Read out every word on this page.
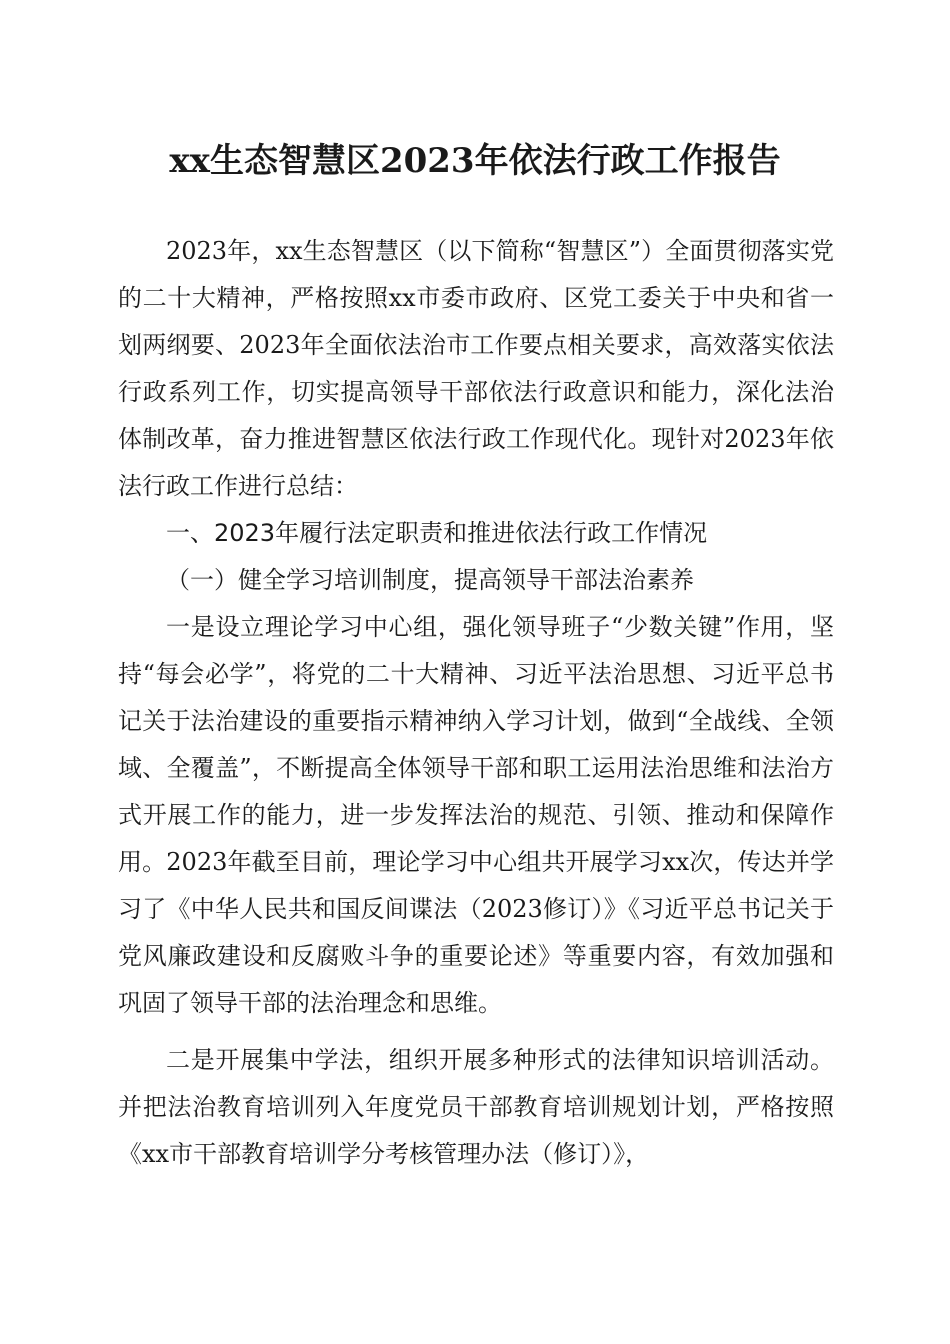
xx生态智慧区2023年依法行政工作报告

2023年，xx生态智慧区（以下简称“智慧区”）全面贯彻落实党的二十大精神，严格按照xx市委市政府、区党工委关于中央和省一划两纲要、2023年全面依法治市工作要点相关要求，高效落实依法行政系列工作，切实提高领导干部依法行政意识和能力，深化法治体制改革，奋力推进智慧区依法行政工作现代化。现针对2023年依法行政工作进行总结：

一、2023年履行法定职责和推进依法行政工作情况

（一）健全学习培训制度，提高领导干部法治素养

一是设立理论学习中心组，强化领导班子“少数关键”作用，坚持“每会必学”，将党的二十大精神、习近平法治思想、习近平总书记关于法治建设的重要指示精神纳入学习计划，做到“全战线、全领域、全覆盖”，不断提高全体领导干部和职工运用法治思维和法治方式开展工作的能力，进一步发挥法治的规范、引领、推动和保障作用。2023年截至目前，理论学习中心组共开展学习xx次，传达并学习了《中华人民共和国反间谍法（2023修订）》《习近平总书记关于党风廉政建设和反腐败斗争的重要论述》等重要内容，有效加强和巩固了领导干部的法治理念和思维。

二是开展集中学法，组织开展多种形式的法律知识培训活动。并把法治教育培训列入年度党员干部教育培训规划计划，严格按照《xx市干部教育培训学分考核管理办法（修订）》，
